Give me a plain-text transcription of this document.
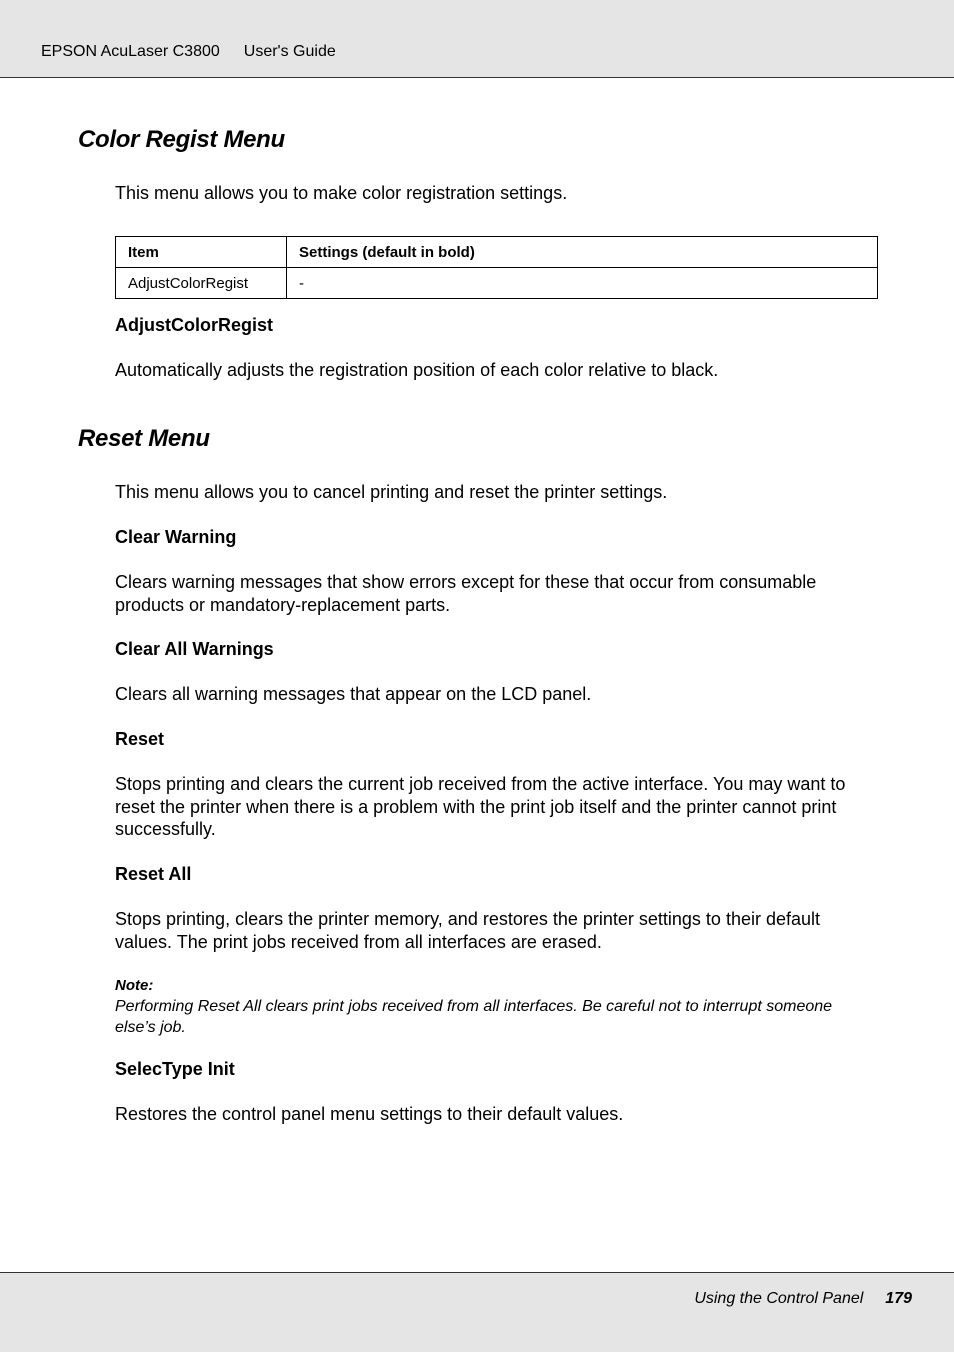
EPSON AcuLaser C3800 User's Guide
Color Regist Menu

This menu allows you to make color registration settings.

Item	Settings (default in bold)
AdjustColorRegist	-
AdjustColorRegist

Automatically adjusts the registration position of each color relative to black.

Reset Menu

This menu allows you to cancel printing and reset the printer settings.

Clear Warning

Clears warning messages that show errors except for these that occur from consumable products or mandatory-replacement parts.

Clear All Warnings

Clears all warning messages that appear on the LCD panel.

Reset

Stops printing and clears the current job received from the active interface. You may want to reset the printer when there is a problem with the print job itself and the printer cannot print successfully.

Reset All

Stops printing, clears the printer memory, and restores the printer settings to their default values. The print jobs received from all interfaces are erased.

Note:
Performing Reset All clears print jobs received from all interfaces. Be careful not to interrupt someone else’s job.
SelecType Init

Restores the control panel menu settings to their default values.

Using the Control Panel 179
